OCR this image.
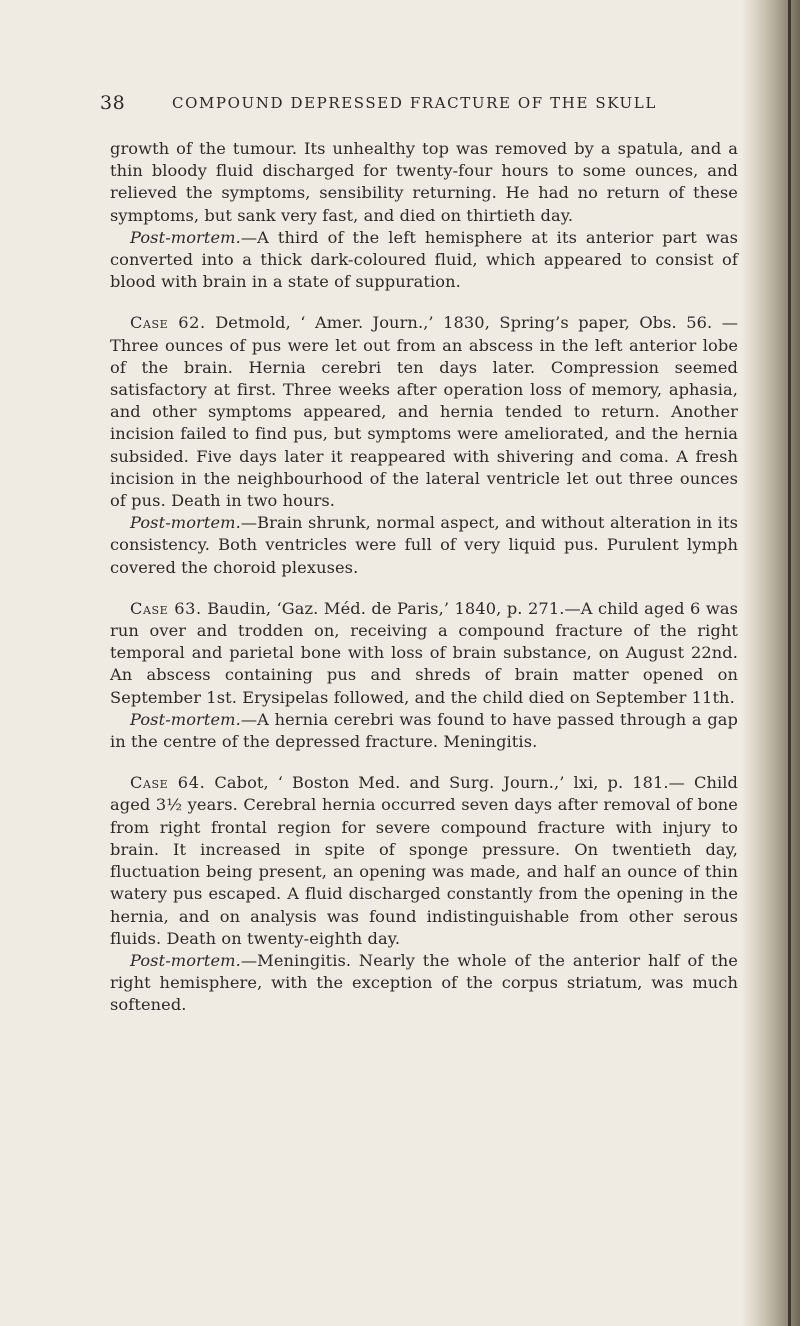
38	COMPOUND DEPRESSED FRACTURE OF THE SKULL

growth of the tumour. Its unhealthy top was removed by a spatula, and a thin bloody fluid discharged for twenty-four hours to some ounces, and relieved the symptoms, sensibility returning. He had no return of these symptoms, but sank very fast, and died on thirtieth day.

Post-mortem.—A third of the left hemisphere at its anterior part was converted into a thick dark-coloured fluid, which appeared to consist of blood with brain in a state of suppuration.

Case 62. Detmold, ‘ Amer. Journ.,’ 1830, Spring’s paper, Obs. 56. —Three ounces of pus were let out from an abscess in the left anterior lobe of the brain. Hernia cerebri ten days later. Compression seemed satisfactory at first. Three weeks after operation loss of memory, aphasia, and other symptoms appeared, and hernia tended to return. Another incision failed to find pus, but symptoms were ameliorated, and the hernia subsided. Five days later it reappeared with shivering and coma. A fresh incision in the neighbourhood of the lateral ventricle let out three ounces of pus. Death in two hours.

Post-mortem.—Brain shrunk, normal aspect, and without alteration in its consistency. Both ventricles were full of very liquid pus. Purulent lymph covered the choroid plexuses.

Case 63. Baudin, ‘Gaz. Méd. de Paris,’ 1840, p. 271.—A child aged 6 was run over and trodden on, receiving a compound fracture of the right temporal and parietal bone with loss of brain substance, on August 22nd. An abscess containing pus and shreds of brain matter opened on September 1st. Erysipelas followed, and the child died on September 11th.

Post-mortem.—A hernia cerebri was found to have passed through a gap in the centre of the depressed fracture. Meningitis.

Case 64. Cabot, ‘ Boston Med. and Surg. Journ.,’ lxi, p. 181.— Child aged 3½ years. Cerebral hernia occurred seven days after removal of bone from right frontal region for severe compound fracture with injury to brain. It increased in spite of sponge pressure. On twentieth day, fluctuation being present, an opening was made, and half an ounce of thin watery pus escaped. A fluid discharged constantly from the opening in the hernia, and on analysis was found indistinguishable from other serous fluids. Death on twenty-eighth day.

Post-mortem.—Meningitis. Nearly the whole of the anterior half of the right hemisphere, with the exception of the corpus striatum, was much softened.
